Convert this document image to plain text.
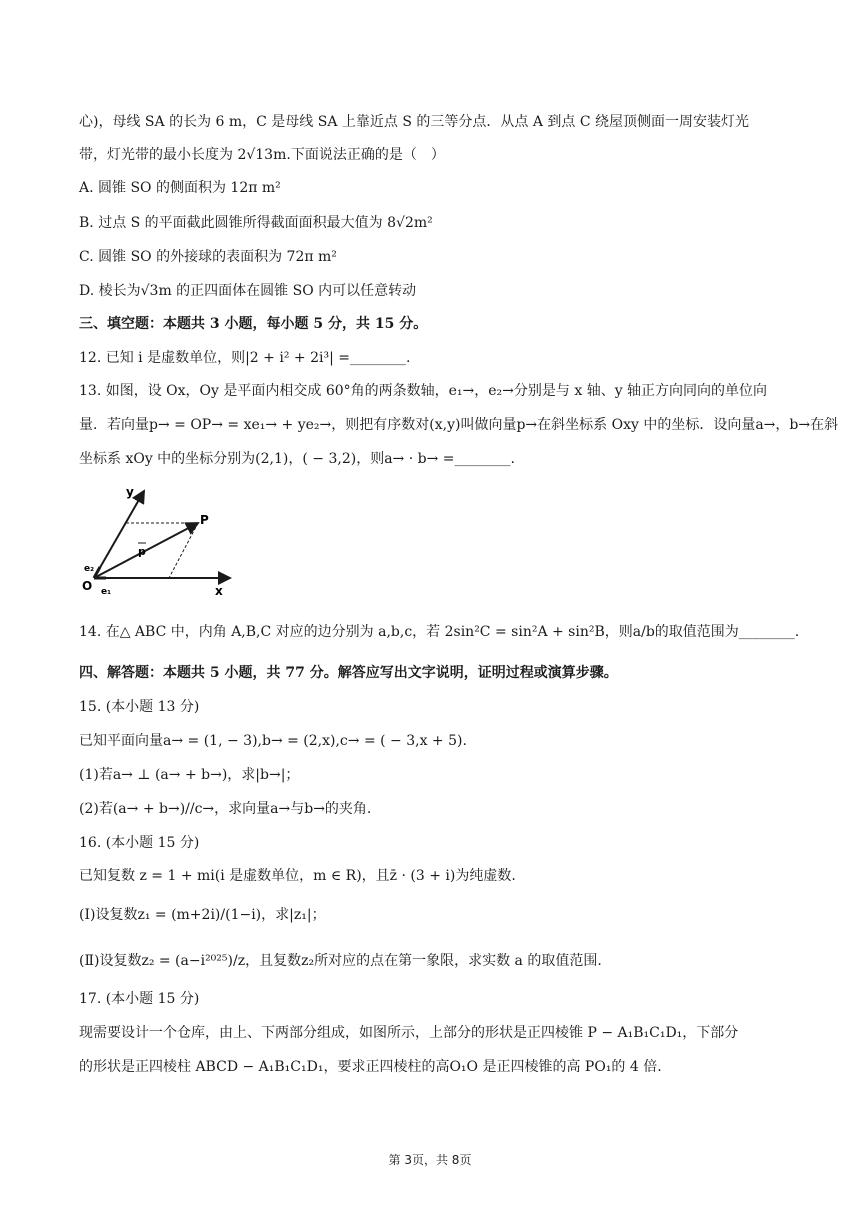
心)，母线 SA 的长为 6 m，C 是母线 SA 上靠近点 S 的三等分点．从点 A 到点 C 绕屋顶侧面一周安装灯光
带，灯光带的最小长度为 2√13m.下面说法正确的是（　）
A. 圆锥 SO 的侧面积为 12π m²
B. 过点 S 的平面截此圆锥所得截面面积最大值为 8√2m²
C. 圆锥 SO 的外接球的表面积为 72π m²
D. 棱长为√3m 的正四面体在圆锥 SO 内可以任意转动
三、填空题：本题共 3 小题，每小题 5 分，共 15 分。
12. 已知 i 是虚数单位，则|2 + i² + 2i³| =________.
13. 如图，设 Ox，Oy 是平面内相交成 60°角的两条数轴，e₁→，e₂→分别是与 x 轴、y 轴正方向同向的单位向
量．若向量p→ = OP→ = xe₁→ + ye₂→，则把有序数对(x,y)叫做向量p→在斜坐标系 Oxy 中的坐标．设向量a→，b→在斜
坐标系 xOy 中的坐标分别为(2,1)，( − 3,2)，则a→ · b→ =________.
y
x
O
P
p
e₁
e₂
14. 在△ ABC 中，内角 A,B,C 对应的边分别为 a,b,c，若 2sin²C = sin²A + sin²B，则a/b的取值范围为________.
四、解答题：本题共 5 小题，共 77 分。解答应写出文字说明，证明过程或演算步骤。
15. (本小题 13 分)
已知平面向量a→ = (1, − 3),b→ = (2,x),c→ = ( − 3,x + 5).
(1)若a→ ⊥ (a→ + b→)，求|b→|；
(2)若(a→ + b→)//c→，求向量a→与b→的夹角.
16. (本小题 15 分)
已知复数 z = 1 + mi(i 是虚数单位，m ∈ R)，且z̄ · (3 + i)为纯虚数.
(Ⅰ)设复数z₁ = (m+2i)/(1−i)，求|z₁|；
(Ⅱ)设复数z₂ = (a−i²⁰²⁵)/z，且复数z₂所对应的点在第一象限，求实数 a 的取值范围.
17. (本小题 15 分)
现需要设计一个仓库，由上、下两部分组成，如图所示，上部分的形状是正四棱锥 P − A₁B₁C₁D₁，下部分
的形状是正四棱柱 ABCD − A₁B₁C₁D₁，要求正四棱柱的高O₁O 是正四棱锥的高 PO₁的 4 倍.
第 3页，共 8页
